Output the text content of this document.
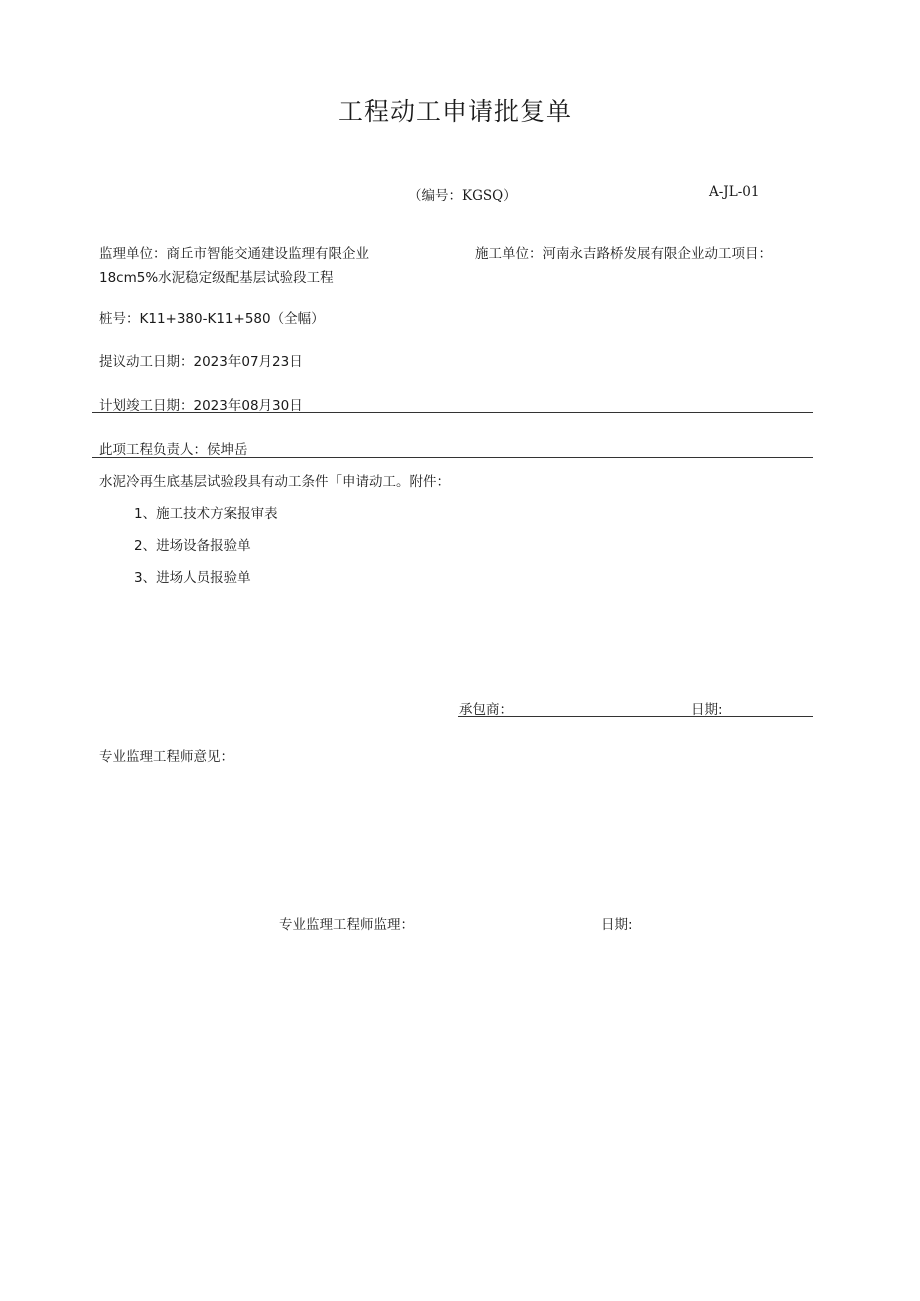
工程动工申请批复单
（编号：KGSQ）	A-JL-01
监理单位：商丘市智能交通建设监理有限企业	施工单位：河南永吉路桥发展有限企业动工项目：
18cm5%水泥稳定级配基层试验段工程
桩号：K11+380-K11+580（全幅）
提议动工日期：2023年07月23日
计划竣工日期：2023年08月30日
此项工程负责人：侯坤岳
水泥冷再生底基层试验段具有动工条件「申请动工。附件：
1、施工技术方案报审表
2、进场设备报验单
3、进场人员报验单
承包商：	日期:
专业监理工程师意见：
专业监理工程师监理：	日期:
